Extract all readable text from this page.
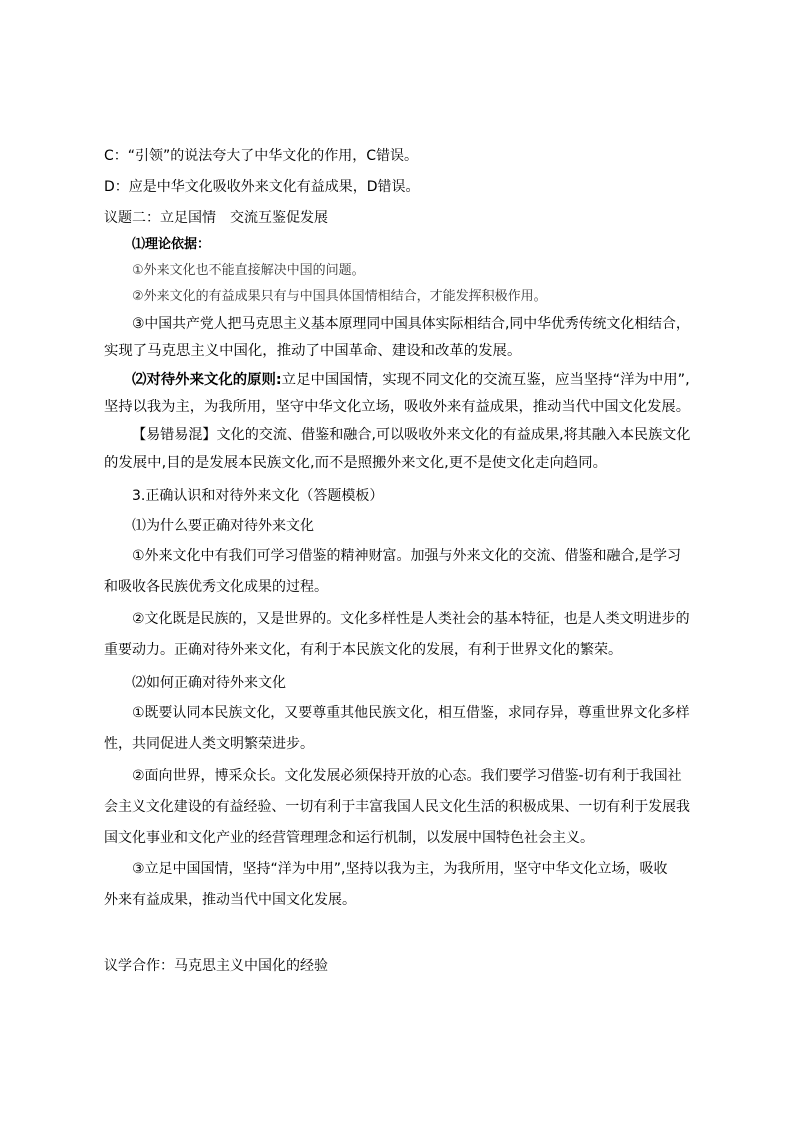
C：“引领”的说法夸大了中华文化的作用，C错误。

D：应是中华文化吸收外来文化有益成果，D错误。

议题二：立足国情　交流互鉴促发展

⑴理论依据：

①外来文化也不能直接解决中国的问题。

②外来文化的有益成果只有与中国具体国情相结合，才能发挥积极作用。

③中国共产党人把马克思主义基本原理同中国具体实际相结合,同中华优秀传统文化相结合，

实现了马克思主义中国化，推动了中国革命、建设和改革的发展。

⑵对待外来文化的原则:立足中国国情，实现不同文化的交流互鉴，应当坚持“洋为中用”,

坚持以我为主，为我所用，坚守中华文化立场，吸收外来有益成果，推动当代中国文化发展。

【易错易混】文化的交流、借鉴和融合,可以吸收外来文化的有益成果,将其融入本民族文化

的发展中,目的是发展本民族文化,而不是照搬外来文化,更不是使文化走向趋同。

3.正确认识和对待外来文化（答题模板）

⑴为什么要正确对待外来文化

①外来文化中有我们可学习借鉴的精神财富。加强与外来文化的交流、借鉴和融合,是学习

和吸收各民族优秀文化成果的过程。

②文化既是民族的，又是世界的。文化多样性是人类社会的基本特征，也是人类文明进步的

重要动力。正确对待外来文化，有利于本民族文化的发展，有利于世界文化的繁荣。

⑵如何正确对待外来文化

①既要认同本民族文化，又要尊重其他民族文化，相互借鉴，求同存异，尊重世界文化多样

性，共同促进人类文明繁荣进步。

②面向世界，博采众长。文化发展必须保持开放的心态。我们要学习借鉴-切有利于我国社

会主义文化建设的有益经验、一切有利于丰富我国人民文化生活的积极成果、一切有利于发展我

国文化事业和文化产业的经营管理理念和运行机制，以发展中国特色社会主义。

③立足中国国情，坚持“洋为中用”,坚持以我为主，为我所用，坚守中华文化立场，吸收

外来有益成果，推动当代中国文化发展。

议学合作：马克思主义中国化的经验
